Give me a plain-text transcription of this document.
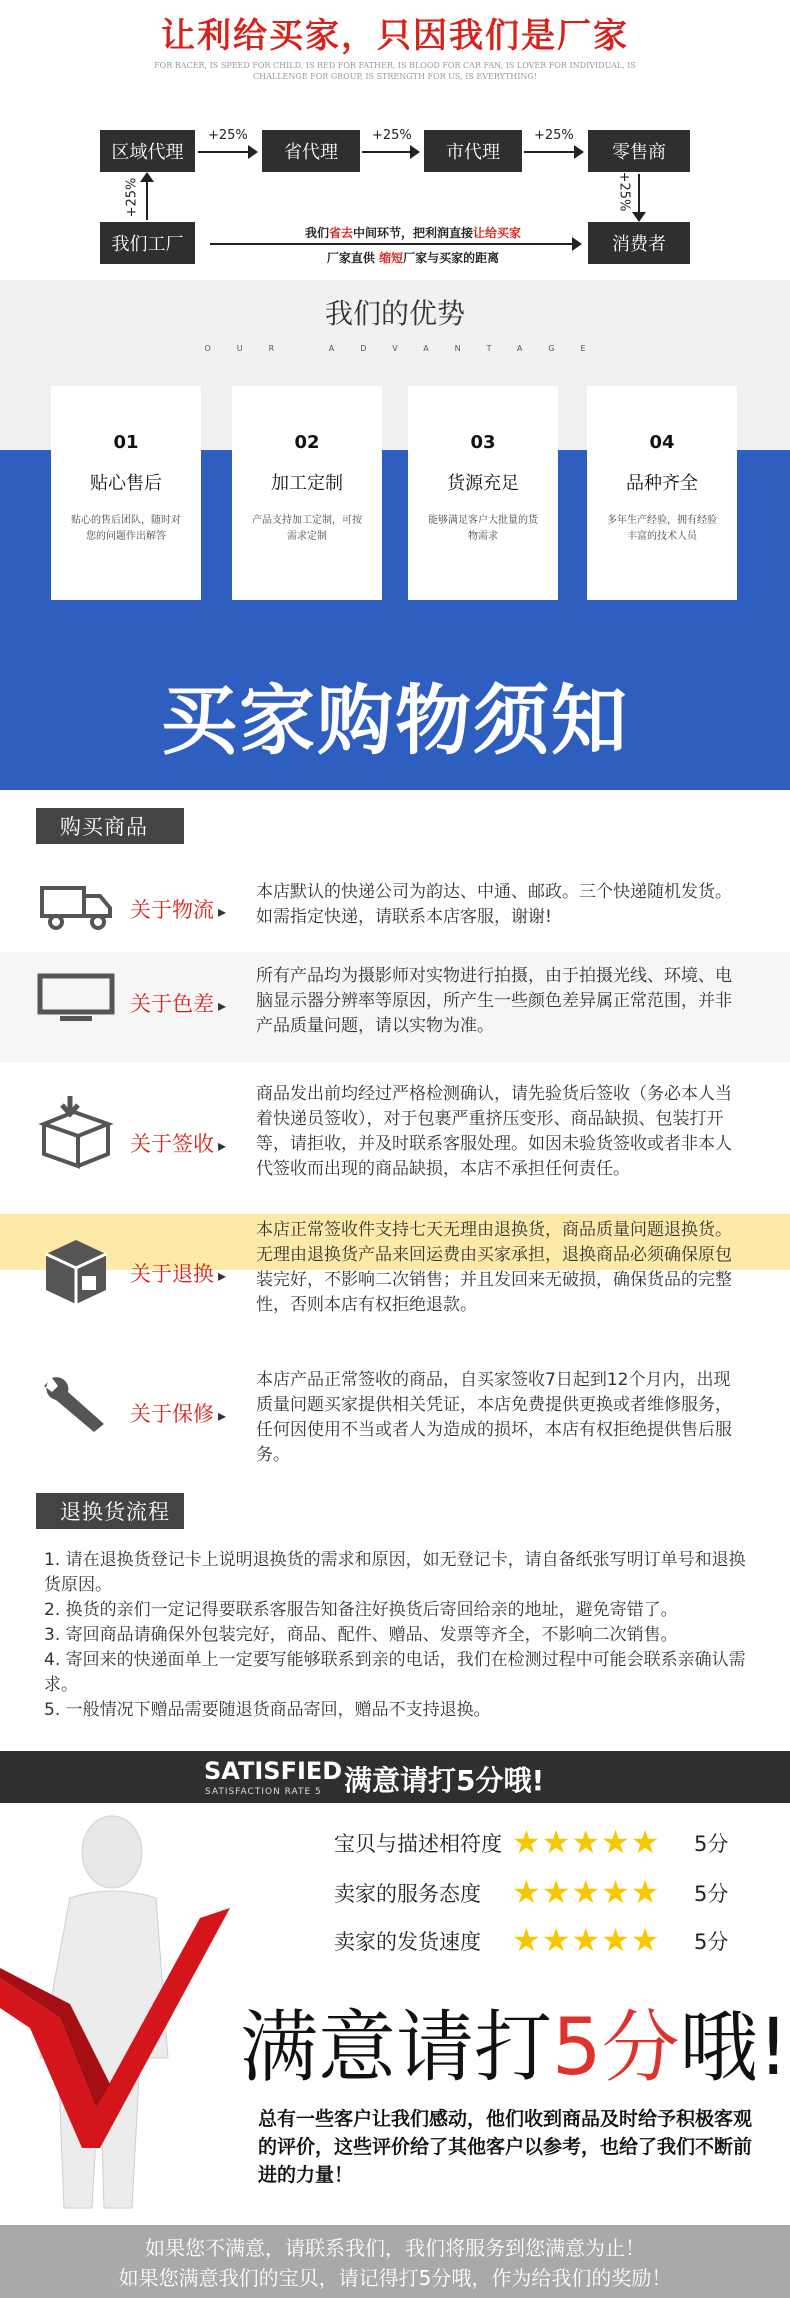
让利给买家，只因我们是厂家
FOR RACER, IS SPEED FOR CHILD, IS RED FOR FATHER, IS BLOOD FOR CAR FAN, IS LOVER FOR INDIVIDUAL, IS CHALLENGE FOR GROUP, IS STRENGTH FOR US, IS EVERYTHING!
区域代理	省代理	市代理	零售商
我们工厂	消费者
+25%	+25%	+25%
+25%	+25%
我们省去中间环节，把利润直接让给买家
厂家直供 缩短厂家与买家的距离
我们的优势
OUR ADVANTAGE
01
贴心售后
贴心的售后团队，随时对您的问题作出解答
02
加工定制
产品支持加工定制，可按需求定制
03
货源充足
能够满足客户大批量的货物需求
04
品种齐全
多年生产经验，拥有经验丰富的技术人员
买家购物须知
购买商品
关于物流 ▸
本店默认的快递公司为韵达、中通、邮政。三个快递随机发货。如需指定快递，请联系本店客服，谢谢!
关于色差 ▸
所有产品均为摄影师对实物进行拍摄，由于拍摄光线、环境、电脑显示器分辨率等原因，所产生一些颜色差异属正常范围，并非产品质量问题，请以实物为准。
关于签收 ▸
商品发出前均经过严格检测确认，请先验货后签收（务必本人当着快递员签收），对于包裹严重挤压变形、商品缺损、包装打开等，请拒收，并及时联系客服处理。如因未验货签收或者非本人代签收而出现的商品缺损，本店不承担任何责任。
关于退换 ▸
本店正常签收件支持七天无理由退换货，商品质量问题退换货。无理由退换货产品来回运费由买家承担，退换商品必须确保原包装完好，不影响二次销售；并且发回来无破损，确保货品的完整性，否则本店有权拒绝退款。
关于保修 ▸
本店产品正常签收的商品，自买家签收7日起到12个月内，出现质量问题买家提供相关凭证，本店免费提供更换或者维修服务，任何因使用不当或者人为造成的损坏，本店有权拒绝提供售后服务。
退换货流程
1. 请在退换货登记卡上说明退换货的需求和原因，如无登记卡，请自备纸张写明订单号和退换货原因。
2. 换货的亲们一定记得要联系客服告知备注好换货后寄回给亲的地址，避免寄错了。
3. 寄回商品请确保外包装完好，商品、配件、赠品、发票等齐全，不影响二次销售。
4. 寄回来的快递面单上一定要写能够联系到亲的电话，我们在检测过程中可能会联系亲确认需求。
5. 一般情况下赠品需要随退货商品寄回，赠品不支持退换。
SATISFIED
SATISFACTION RATE 5 满意请打5分哦!
宝贝与描述相符度 ★★★★★ 5分
卖家的服务态度 ★★★★★ 5分
卖家的发货速度 ★★★★★ 5分
满意请打5分哦!
总有一些客户让我们感动，他们收到商品及时给予积极客观的评价，这些评价给了其他客户以参考，也给了我们不断前进的力量！
如果您不满意，请联系我们，我们将服务到您满意为止！
如果您满意我们的宝贝，请记得打5分哦，作为给我们的奖励！
